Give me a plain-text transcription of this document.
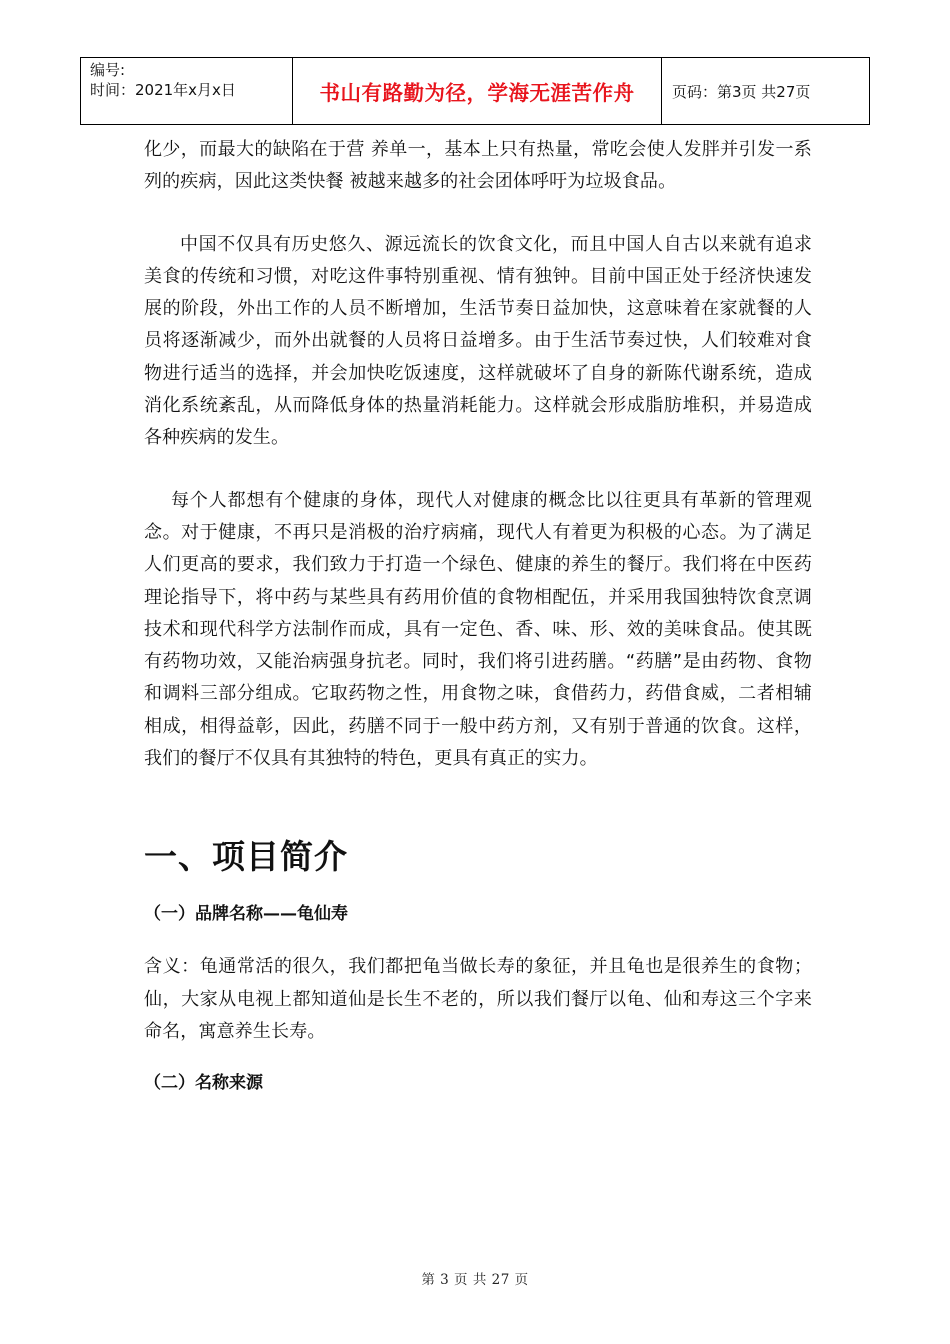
编号:
时间：2021年x月x日	书山有路勤为径，学海无涯苦作舟	页码：第3页 共27页

化少，而最大的缺陷在于营 养单一，基本上只有热量，常吃会使人发胖并引发一系列的疾病，因此这类快餐 被越来越多的社会团体呼吁为垃圾食品。

中国不仅具有历史悠久、源远流长的饮食文化，而且中国人自古以来就有追求美食的传统和习惯，对吃这件事特别重视、情有独钟。目前中国正处于经济快速发展的阶段，外出工作的人员不断增加，生活节奏日益加快，这意味着在家就餐的人员将逐渐减少，而外出就餐的人员将日益增多。由于生活节奏过快，人们较难对食物进行适当的选择，并会加快吃饭速度，这样就破坏了自身的新陈代谢系统，造成消化系统紊乱，从而降低身体的热量消耗能力。这样就会形成脂肪堆积，并易造成各种疾病的发生。

每个人都想有个健康的身体，现代人对健康的概念比以往更具有革新的管理观念。对于健康，不再只是消极的治疗病痛，现代人有着更为积极的心态。为了满足人们更高的要求，我们致力于打造一个绿色、健康的养生的餐厅。我们将在中医药理论指导下，将中药与某些具有药用价值的食物相配伍，并采用我国独特饮食烹调技术和现代科学方法制作而成，具有一定色、香、味、形、效的美味食品。使其既有药物功效，又能治病强身抗老。同时，我们将引进药膳。“药膳”是由药物、食物和调料三部分组成。它取药物之性，用食物之味，食借药力，药借食威，二者相辅相成，相得益彰，因此，药膳不同于一般中药方剂，又有别于普通的饮食。这样，我们的餐厅不仅具有其独特的特色，更具有真正的实力。

一、项目简介
（一）品牌名称——龟仙寿

含义：龟通常活的很久，我们都把龟当做长寿的象征，并且龟也是很养生的食物；仙，大家从电视上都知道仙是长生不老的，所以我们餐厅以龟、仙和寿这三个字来命名，寓意养生长寿。

（二）名称来源
第 3 页 共 27 页
